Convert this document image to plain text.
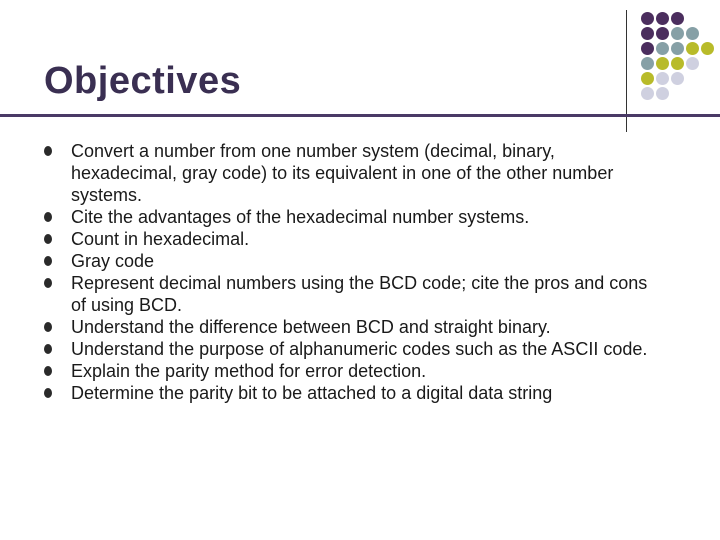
Objectives
Convert a number from one number system (decimal, binary, hexadecimal, gray code) to its equivalent in one of the other number systems.
Cite the advantages of the hexadecimal number systems.
Count in hexadecimal.
Gray code
Represent decimal numbers using the BCD code; cite the pros and cons of using BCD.
Understand the difference between BCD and straight binary.
Understand the purpose of alphanumeric codes such as the ASCII code.
Explain the parity method for error detection.
Determine the parity bit to be attached to a digital data string
